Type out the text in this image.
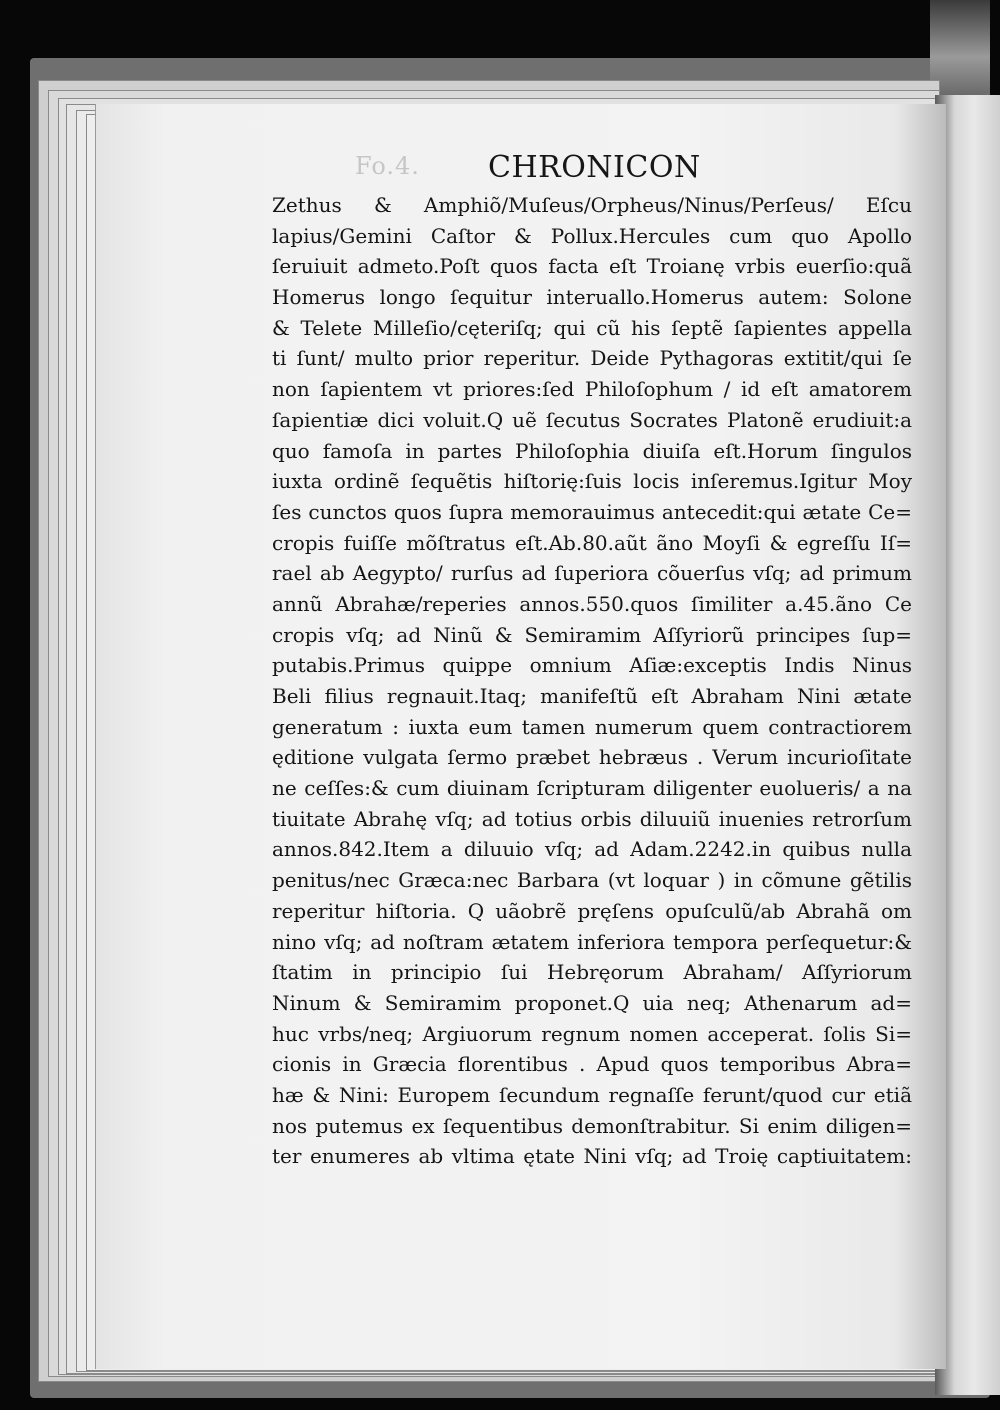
Fo.4. CHRONICON
Zethus & Amphiõ/Muſeus/Orpheus/Ninus/Perſeus/ Eſcu
lapius/Gemini Caſtor & Pollux.Hercules cum quo Apollo
ſeruiuit admeto.Poſt quos facta eſt Troianę vrbis euerſio:quã
Homerus longo ſequitur interuallo.Homerus autem: Solone
& Telete Milleſio/cęteriſq; qui cũ his ſeptẽ ſapientes appella
ti ſunt/ multo prior reperitur. Deide Pythagoras extitit/qui ſe
non ſapientem vt priores:ſed Philoſophum / id eſt amatorem
ſapientiæ dici voluit.Q uẽ ſecutus Socrates Platonẽ erudiuit:a
quo famoſa in partes Philoſophia diuiſa eſt.Horum ſingulos
iuxta ordinẽ ſequẽtis hiſtorię:ſuis locis inſeremus.Igitur Moy
ſes cunctos quos ſupra memorauimus antecedit:qui ætate Ce=
cropis fuiſſe mõſtratus eſt.Ab.80.aũt ãno Moyſi & egreſſu Iſ=
rael ab Aegypto/ rurſus ad ſuperiora cõuerſus vſq; ad primum
annũ Abrahæ/reperies annos.550.quos ſimiliter a.45.ãno Ce
cropis vſq; ad Ninũ & Semiramim Aſſyriorũ principes ſup=
putabis.Primus quippe omnium Aſiæ:exceptis Indis Ninus
Beli filius regnauit.Itaq; manifeſtũ eſt Abraham Nini ætate
generatum : iuxta eum tamen numerum quem contractiorem
ęditione vulgata ſermo præbet hebræus . Verum incurioſitate
ne ceſſes:& cum diuinam ſcripturam diligenter euolueris/ a na
tiuitate Abrahę vſq; ad totius orbis diluuiũ inuenies retrorſum
annos.842.Item a diluuio vſq; ad Adam.2242.in quibus nulla
penitus/nec Græca:nec Barbara (vt loquar ) in cõmune gẽtilis
reperitur hiſtoria. Q uãobrẽ pręſens opuſculũ/ab Abrahã om
nino vſq; ad noſtram ætatem inferiora tempora perſequetur:&
ſtatim in principio ſui Hebręorum Abraham/ Aſſyriorum
Ninum & Semiramim proponet.Q uia neq; Athenarum ad=
huc vrbs/neq; Argiuorum regnum nomen acceperat. ſolis Si=
cionis in Græcia florentibus . Apud quos temporibus Abra=
hæ & Nini: Europem ſecundum regnaſſe ferunt/quod cur etiã
nos putemus ex ſequentibus demonſtrabitur. Si enim diligen=
ter enumeres ab vltima ętate Nini vſq; ad Troię captiuitatem:
